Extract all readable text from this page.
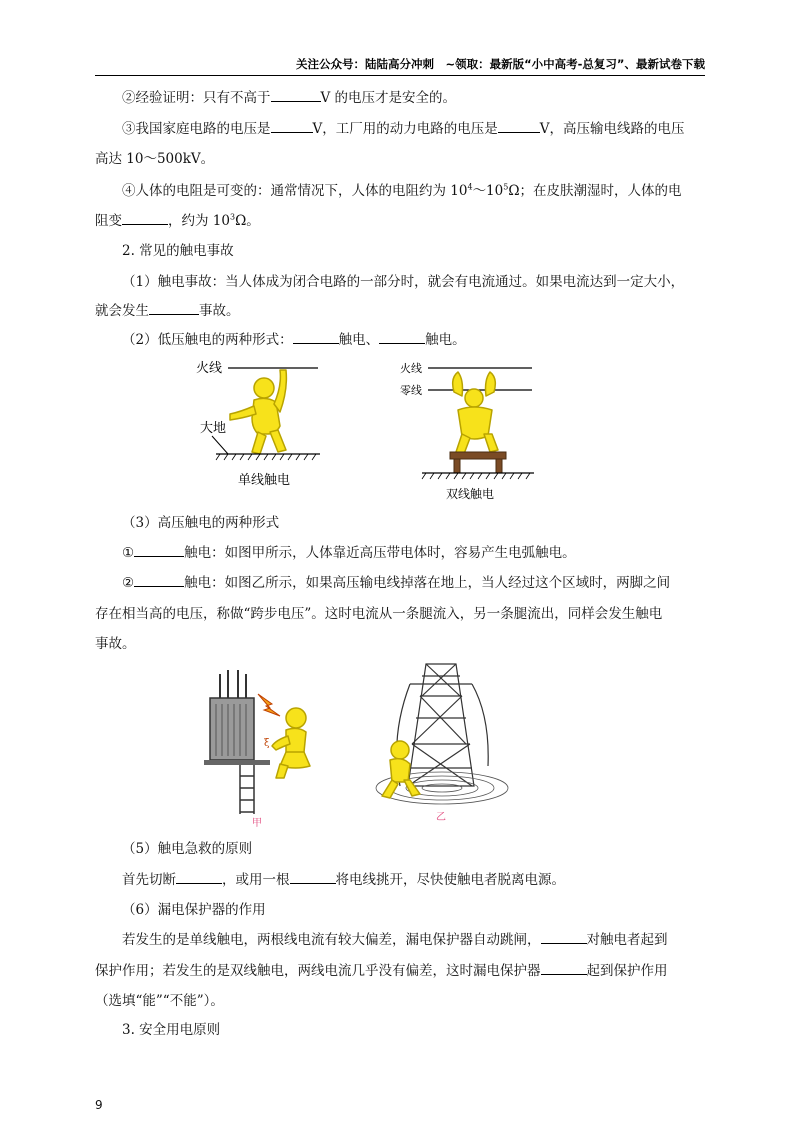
关注公众号：陆陆高分冲刺　~领取：最新版“小中高考-总复习”、最新试卷下载

②经验证明：只有不高于	V 的电压才是安全的。

③我国家庭电路的电压是	V，工厂用的动力电路的电压是	V，高压输电线路的电压

高达 10～500kV。

④人体的电阻是可变的：通常情况下，人体的电阻约为 $10^4\sim 10^5\Omega$；在皮肤潮湿时，人体的电

阻变	，约为 $10^3\Omega$。

2. 常见的触电事故

（1）触电事故：当人体成为闭合电路的一部分时，就会有电流通过。如果电流达到一定大小，

就会发生	事故。

（2）低压触电的两种形式：	触电、	触电。

火线
大地
单线触电
火线
零线
双线触电

（3）高压触电的两种形式

①	触电：如图甲所示，人体靠近高压带电体时，容易产生电弧触电。

②	触电：如图乙所示，如果高压输电线掉落在地上，当人经过这个区域时，两脚之间

存在相当高的电压，称做“跨步电压”。这时电流从一条腿流入，另一条腿流出，同样会发生触电

事故。

ξ
甲
乙

（5）触电急救的原则

首先切断	，或用一根	将电线挑开，尽快使触电者脱离电源。

（6）漏电保护器的作用

若发生的是单线触电，两根线电流有较大偏差，漏电保护器自动跳闸，	对触电者起到

保护作用；若发生的是双线触电，两线电流几乎没有偏差，这时漏电保护器	起到保护作用

（选填“能”“不能”）。

3. 安全用电原则

9
